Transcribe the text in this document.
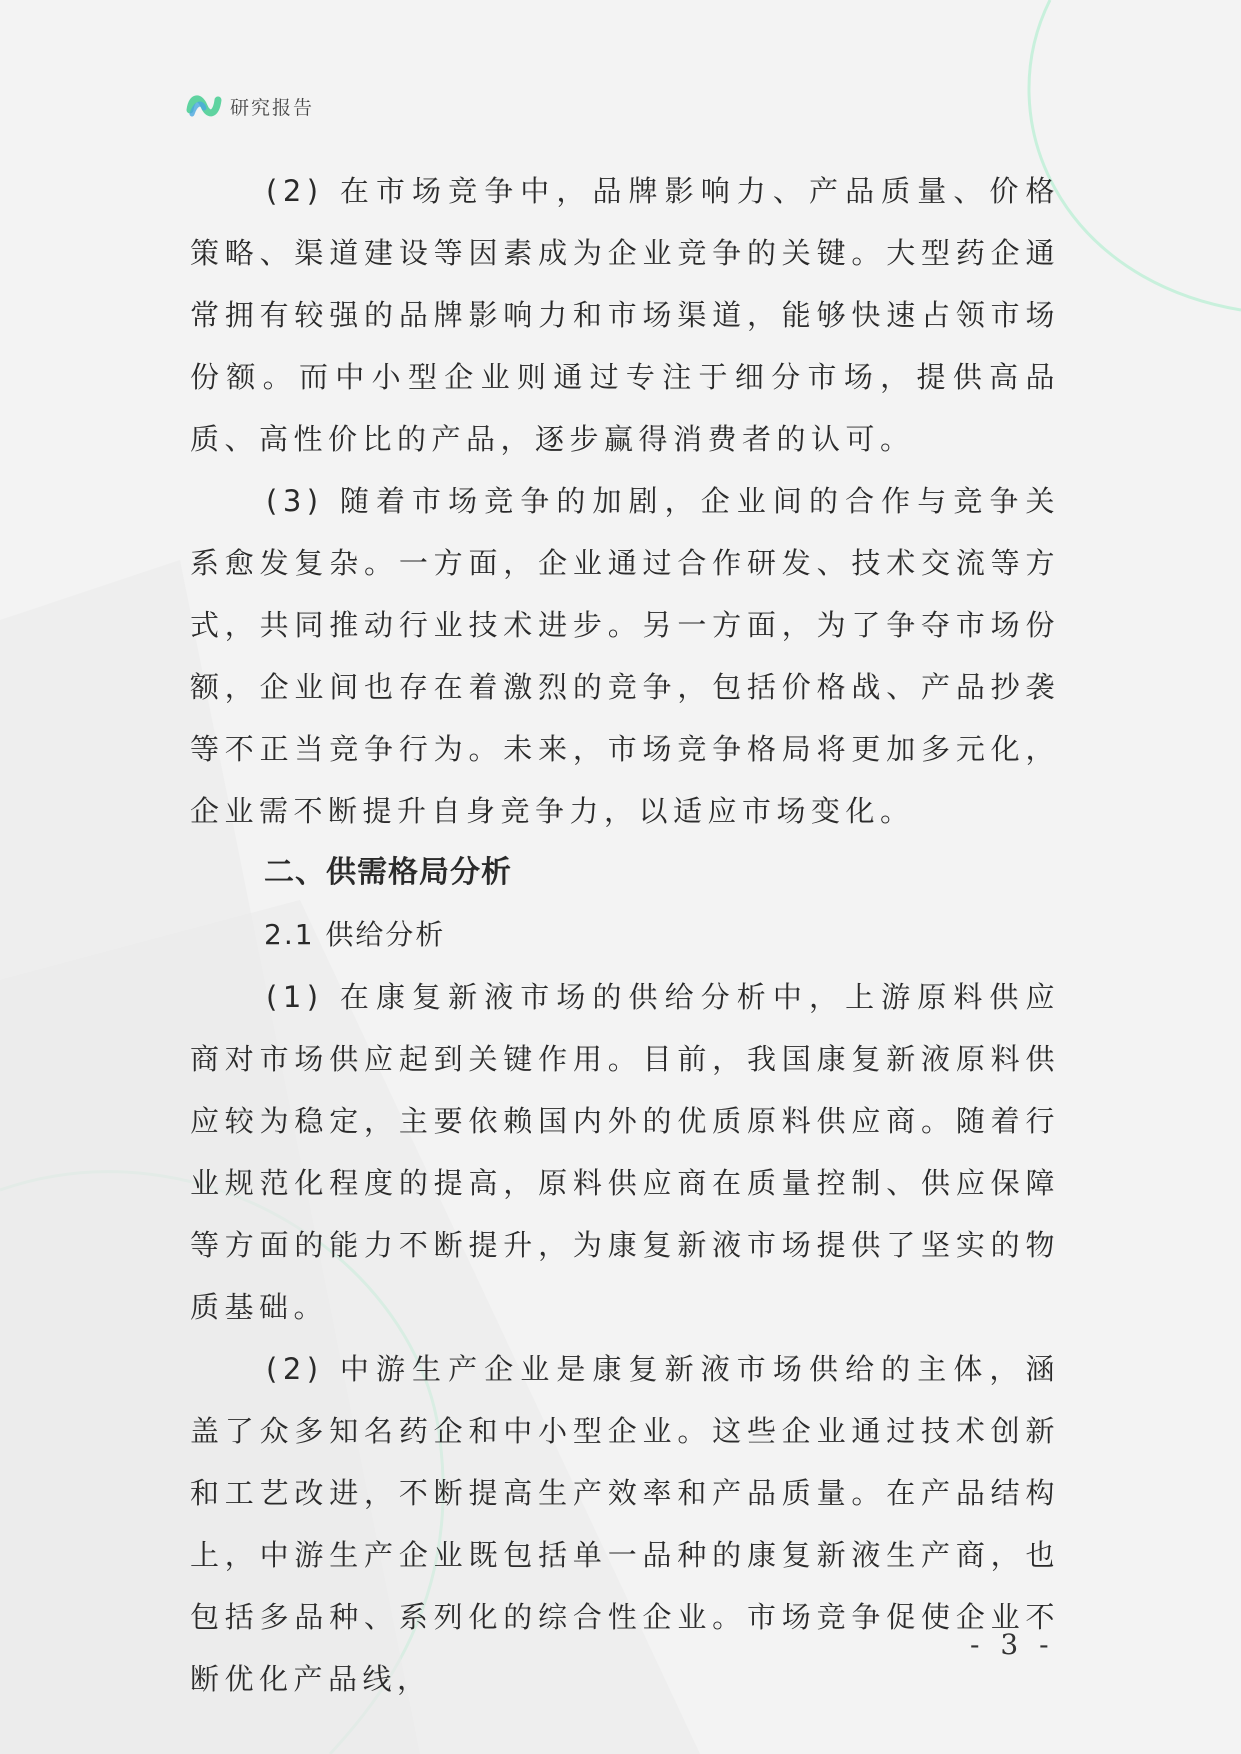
研究报告

(2) 在市场竞争中，品牌影响力、产品质量、价格策略、渠道建设等因素成为企业竞争的关键。大型药企通常拥有较强的品牌影响力和市场渠道，能够快速占领市场份额。而中小型企业则通过专注于细分市场，提供高品质、高性价比的产品，逐步赢得消费者的认可。

(3) 随着市场竞争的加剧，企业间的合作与竞争关系愈发复杂。一方面，企业通过合作研发、技术交流等方式，共同推动行业技术进步。另一方面，为了争夺市场份额，企业间也存在着激烈的竞争，包括价格战、产品抄袭等不正当竞争行为。未来，市场竞争格局将更加多元化，企业需不断提升自身竞争力，以适应市场变化。

二、供需格局分析
2.1 供给分析

(1) 在康复新液市场的供给分析中，上游原料供应商对市场供应起到关键作用。目前，我国康复新液原料供应较为稳定，主要依赖国内外的优质原料供应商。随着行业规范化程度的提高，原料供应商在质量控制、供应保障等方面的能力不断提升，为康复新液市场提供了坚实的物质基础。

(2) 中游生产企业是康复新液市场供给的主体，涵盖了众多知名药企和中小型企业。这些企业通过技术创新和工艺改进，不断提高生产效率和产品质量。在产品结构上，中游生产企业既包括单一品种的康复新液生产商，也包括多品种、系列化的综合性企业。市场竞争促使企业不断优化产品线，

- 3 -
